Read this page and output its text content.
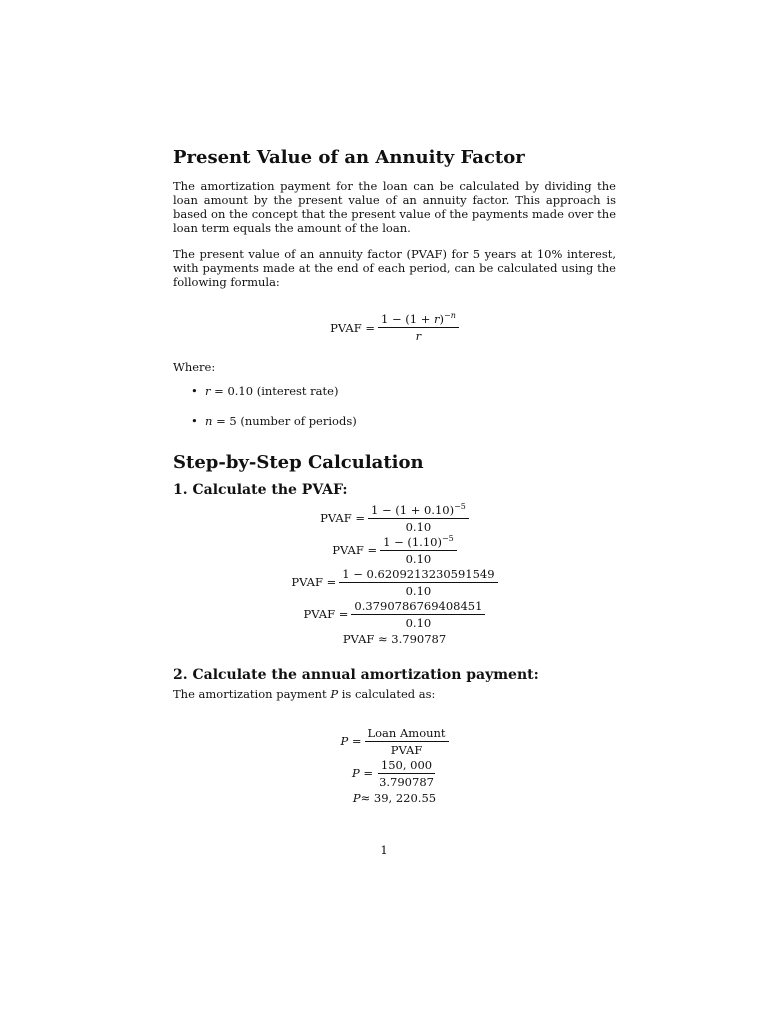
Present Value of an Annuity Factor

The amortization payment for the loan can be calculated by dividing the loan amount by the present value of an annuity factor. This approach is based on the concept that the present value of the payments made over the loan term equals the amount of the loan.

The present value of an annuity factor (PVAF) for 5 years at 10% interest, with payments made at the end of each period, can be calculated using the following formula:

PVAF = $\frac{1 - (1 + r)^{-n}}{r}$

Where:

• r = 0.10 (interest rate)
• n = 5 (number of periods)
Step-by-Step Calculation
1. Calculate the PVAF:
PVAF = $\frac{1 - (1 + 0.10)^{-5}}{0.10}$
PVAF = $\frac{1 - (1.10)^{-5}}{0.10}$
PVAF = $\frac{1 - 0.6209213230591549}{0.10}$
PVAF = $\frac{0.3790786769408451}{0.10}$
PVAF ≈ 3.790787
2. Calculate the annual amortization payment:

The amortization payment P is calculated as:

$P = \frac{\text{Loan Amount}}{\text{PVAF}}$
$P = \frac{150, 000}{3.790787}$
P ≈ 39, 220.55
1
